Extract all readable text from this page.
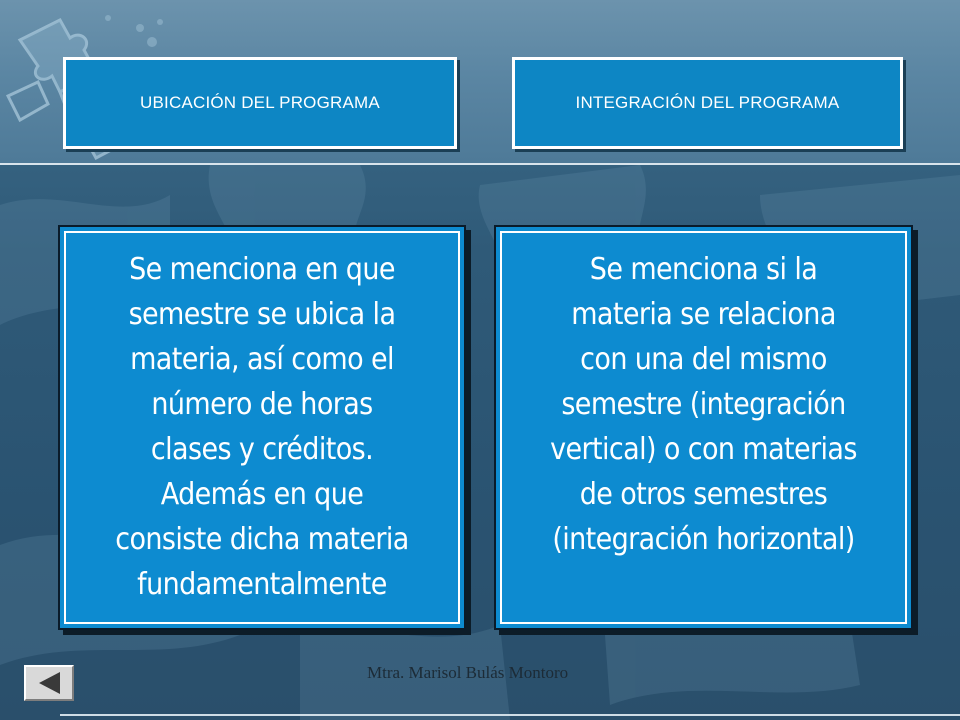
UBICACIÓN DEL PROGRAMA	INTEGRACIÓN DEL PROGRAMA
Se menciona en que
semestre se ubica la
materia, así como el
número de horas
clases y créditos.
Además en que
consiste dicha materia
fundamentalmente
Se menciona si la
materia se relaciona
con una del mismo
semestre (integración
vertical) o con materias
de otros semestres
(integración horizontal)
Mtra. Marisol Bulás Montoro
